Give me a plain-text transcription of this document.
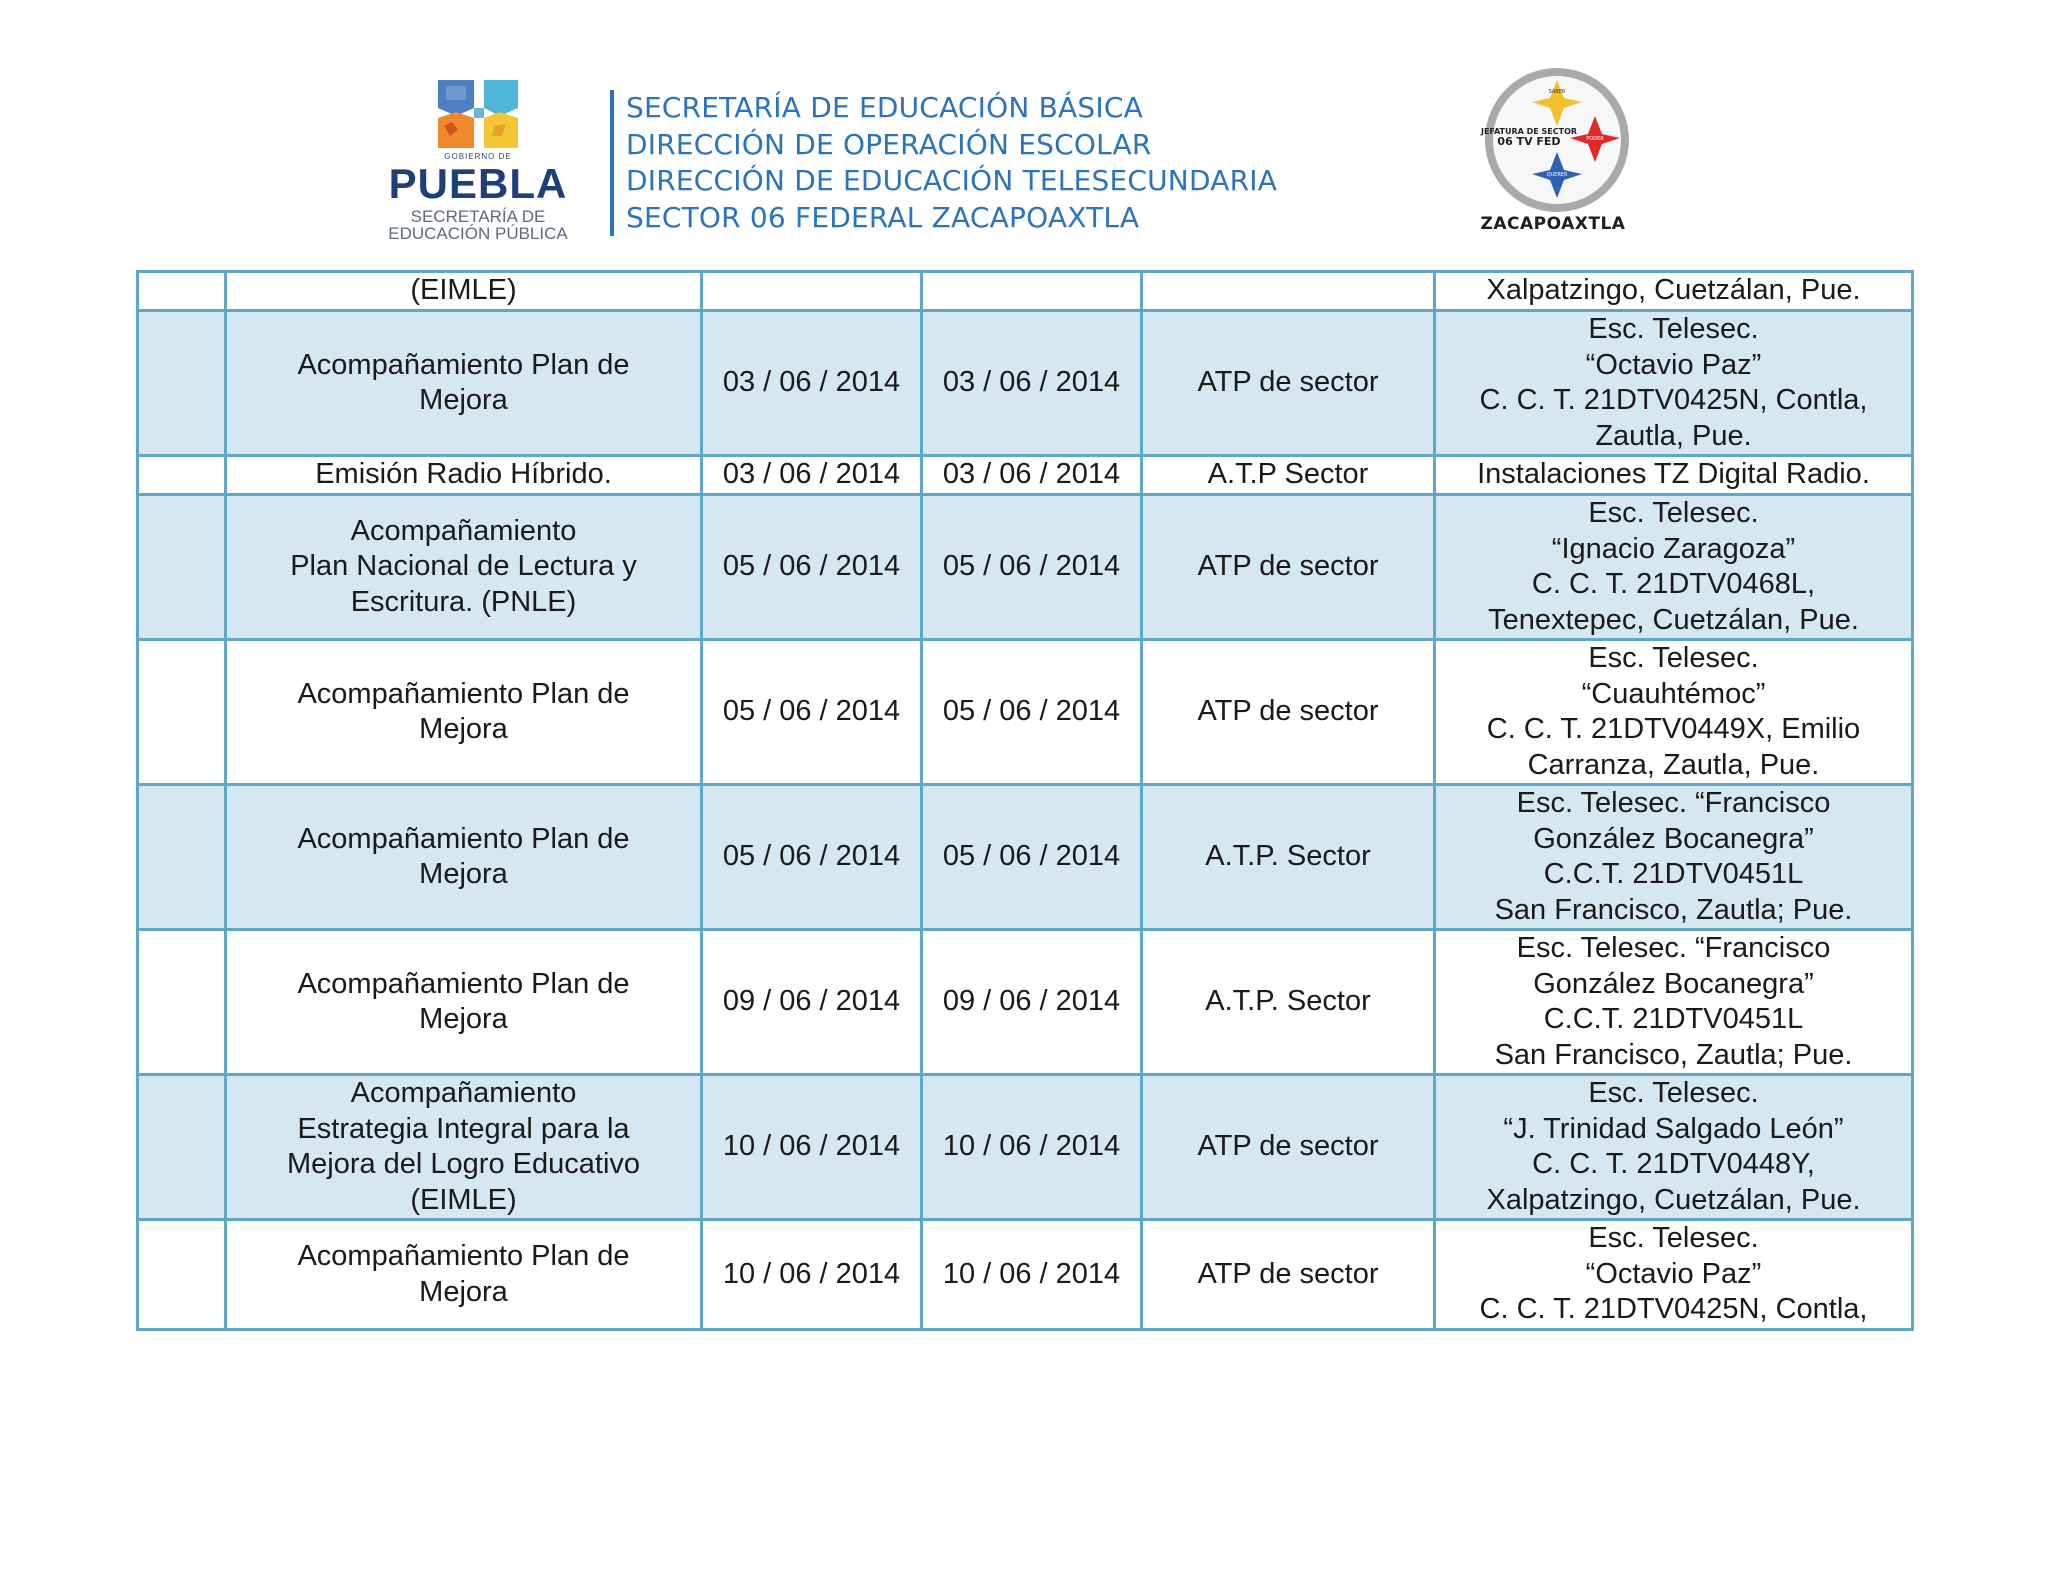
GOBIERNO DE
PUEBLA
SECRETARÍA DE
EDUCACIÓN PÚBLICA
SECRETARÍA DE EDUCACIÓN BÁSICA
DIRECCIÓN DE OPERACIÓN ESCOLAR
DIRECCIÓN DE EDUCACIÓN TELESECUNDARIA
SECTOR 06 FEDERAL ZACAPOAXTLA
SABER
PODER
QUERER
JEFATURA DE SECTOR
06 TV FED
ZACAPOAXTLA

	(EIMLE)				Xalpatzingo, Cuetzálan, Pue.

	Acompañamiento Plan de
Mejora	03 / 06 / 2014	03 / 06 / 2014	ATP de sector	Esc. Telesec.
“Octavio Paz”
C. C. T. 21DTV0425N, Contla,
Zautla, Pue.

	Emisión Radio Híbrido.	03 / 06 / 2014	03 / 06 / 2014	A.T.P Sector	Instalaciones TZ Digital Radio.

	Acompañamiento
Plan Nacional de Lectura y
Escritura. (PNLE)	05 / 06 / 2014	05 / 06 / 2014	ATP de sector	Esc. Telesec.
“Ignacio Zaragoza”
C. C. T. 21DTV0468L,
Tenextepec, Cuetzálan, Pue.

	Acompañamiento Plan de
Mejora	05 / 06 / 2014	05 / 06 / 2014	ATP de sector	Esc. Telesec.
“Cuauhtémoc”
C. C. T. 21DTV0449X, Emilio
Carranza, Zautla, Pue.

	Acompañamiento Plan de
Mejora	05 / 06 / 2014	05 / 06 / 2014	A.T.P. Sector	Esc. Telesec. “Francisco
González Bocanegra”
C.C.T. 21DTV0451L
San Francisco, Zautla; Pue.

	Acompañamiento Plan de
Mejora	09 / 06 / 2014	09 / 06 / 2014	A.T.P. Sector	Esc. Telesec. “Francisco
González Bocanegra”
C.C.T. 21DTV0451L
San Francisco, Zautla; Pue.

	Acompañamiento
Estrategia Integral para la
Mejora del Logro Educativo
(EIMLE)	10 / 06 / 2014	10 / 06 / 2014	ATP de sector	Esc. Telesec.
“J. Trinidad Salgado León”
C. C. T. 21DTV0448Y,
Xalpatzingo, Cuetzálan, Pue.

	Acompañamiento Plan de
Mejora	10 / 06 / 2014	10 / 06 / 2014	ATP de sector	Esc. Telesec.
“Octavio Paz”
C. C. T. 21DTV0425N, Contla,
